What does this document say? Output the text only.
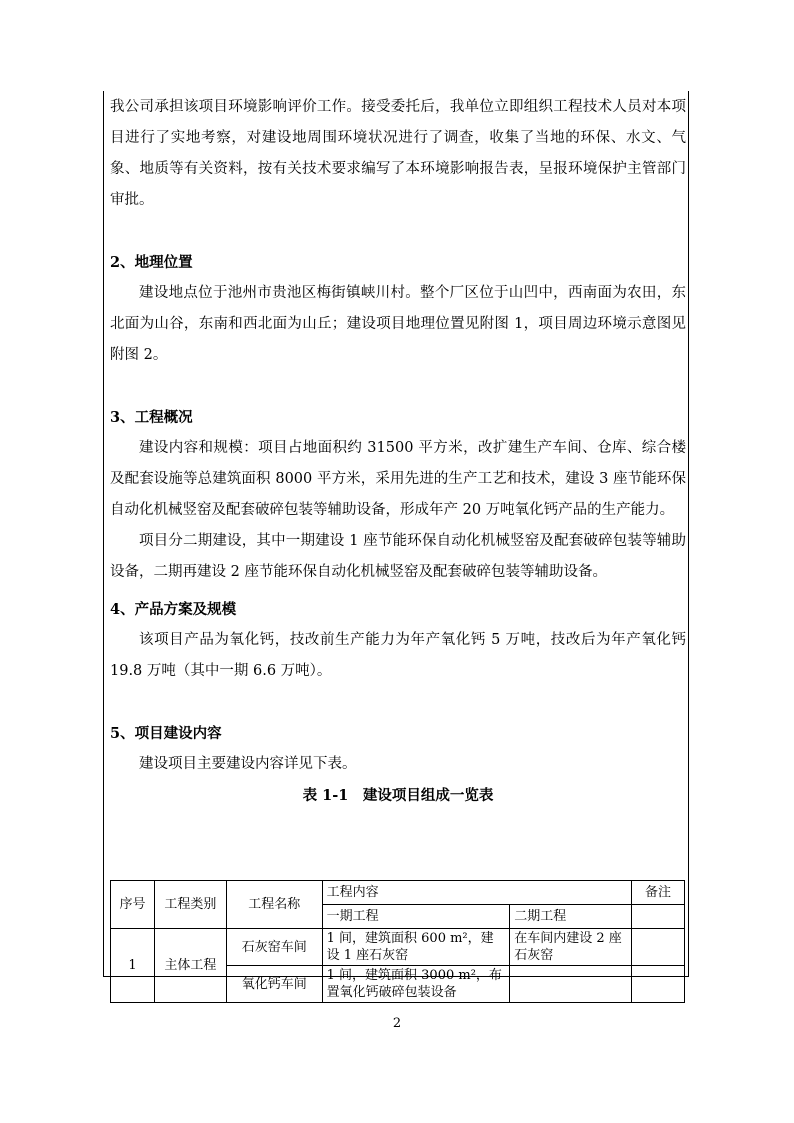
我公司承担该项目环境影响评价工作。接受委托后，我单位立即组织工程技术人员对本项目进行了实地考察，对建设地周围环境状况进行了调查，收集了当地的环保、水文、气象、地质等有关资料，按有关技术要求编写了本环境影响报告表，呈报环境保护主管部门审批。

2、地理位置

建设地点位于池州市贵池区梅街镇峡川村。整个厂区位于山凹中，西南面为农田，东北面为山谷，东南和西北面为山丘；建设项目地理位置见附图 1，项目周边环境示意图见附图 2。

3、工程概况

建设内容和规模：项目占地面积约 31500 平方米，改扩建生产车间、仓库、综合楼及配套设施等总建筑面积 8000 平方米，采用先进的生产工艺和技术，建设 3 座节能环保自动化机械竖窑及配套破碎包装等辅助设备，形成年产 20 万吨氧化钙产品的生产能力。

项目分二期建设，其中一期建设 1 座节能环保自动化机械竖窑及配套破碎包装等辅助设备，二期再建设 2 座节能环保自动化机械竖窑及配套破碎包装等辅助设备。

4、产品方案及规模

该项目产品为氧化钙，技改前生产能力为年产氧化钙 5 万吨，技改后为年产氧化钙 19.8 万吨（其中一期 6.6 万吨）。

5、项目建设内容

建设项目主要建设内容详见下表。

表 1-1　建设项目组成一览表

序号	工程类别	工程名称	工程内容		备注
			一期工程	二期工程	
1	主体工程	石灰窑车间	1 间，建筑面积 600 m²，建设 1 座石灰窑	在车间内建设 2 座石灰窑	
		氧化钙车间	1 间，建筑面积 3000 m²，布置氧化钙破碎包装设备		
2
